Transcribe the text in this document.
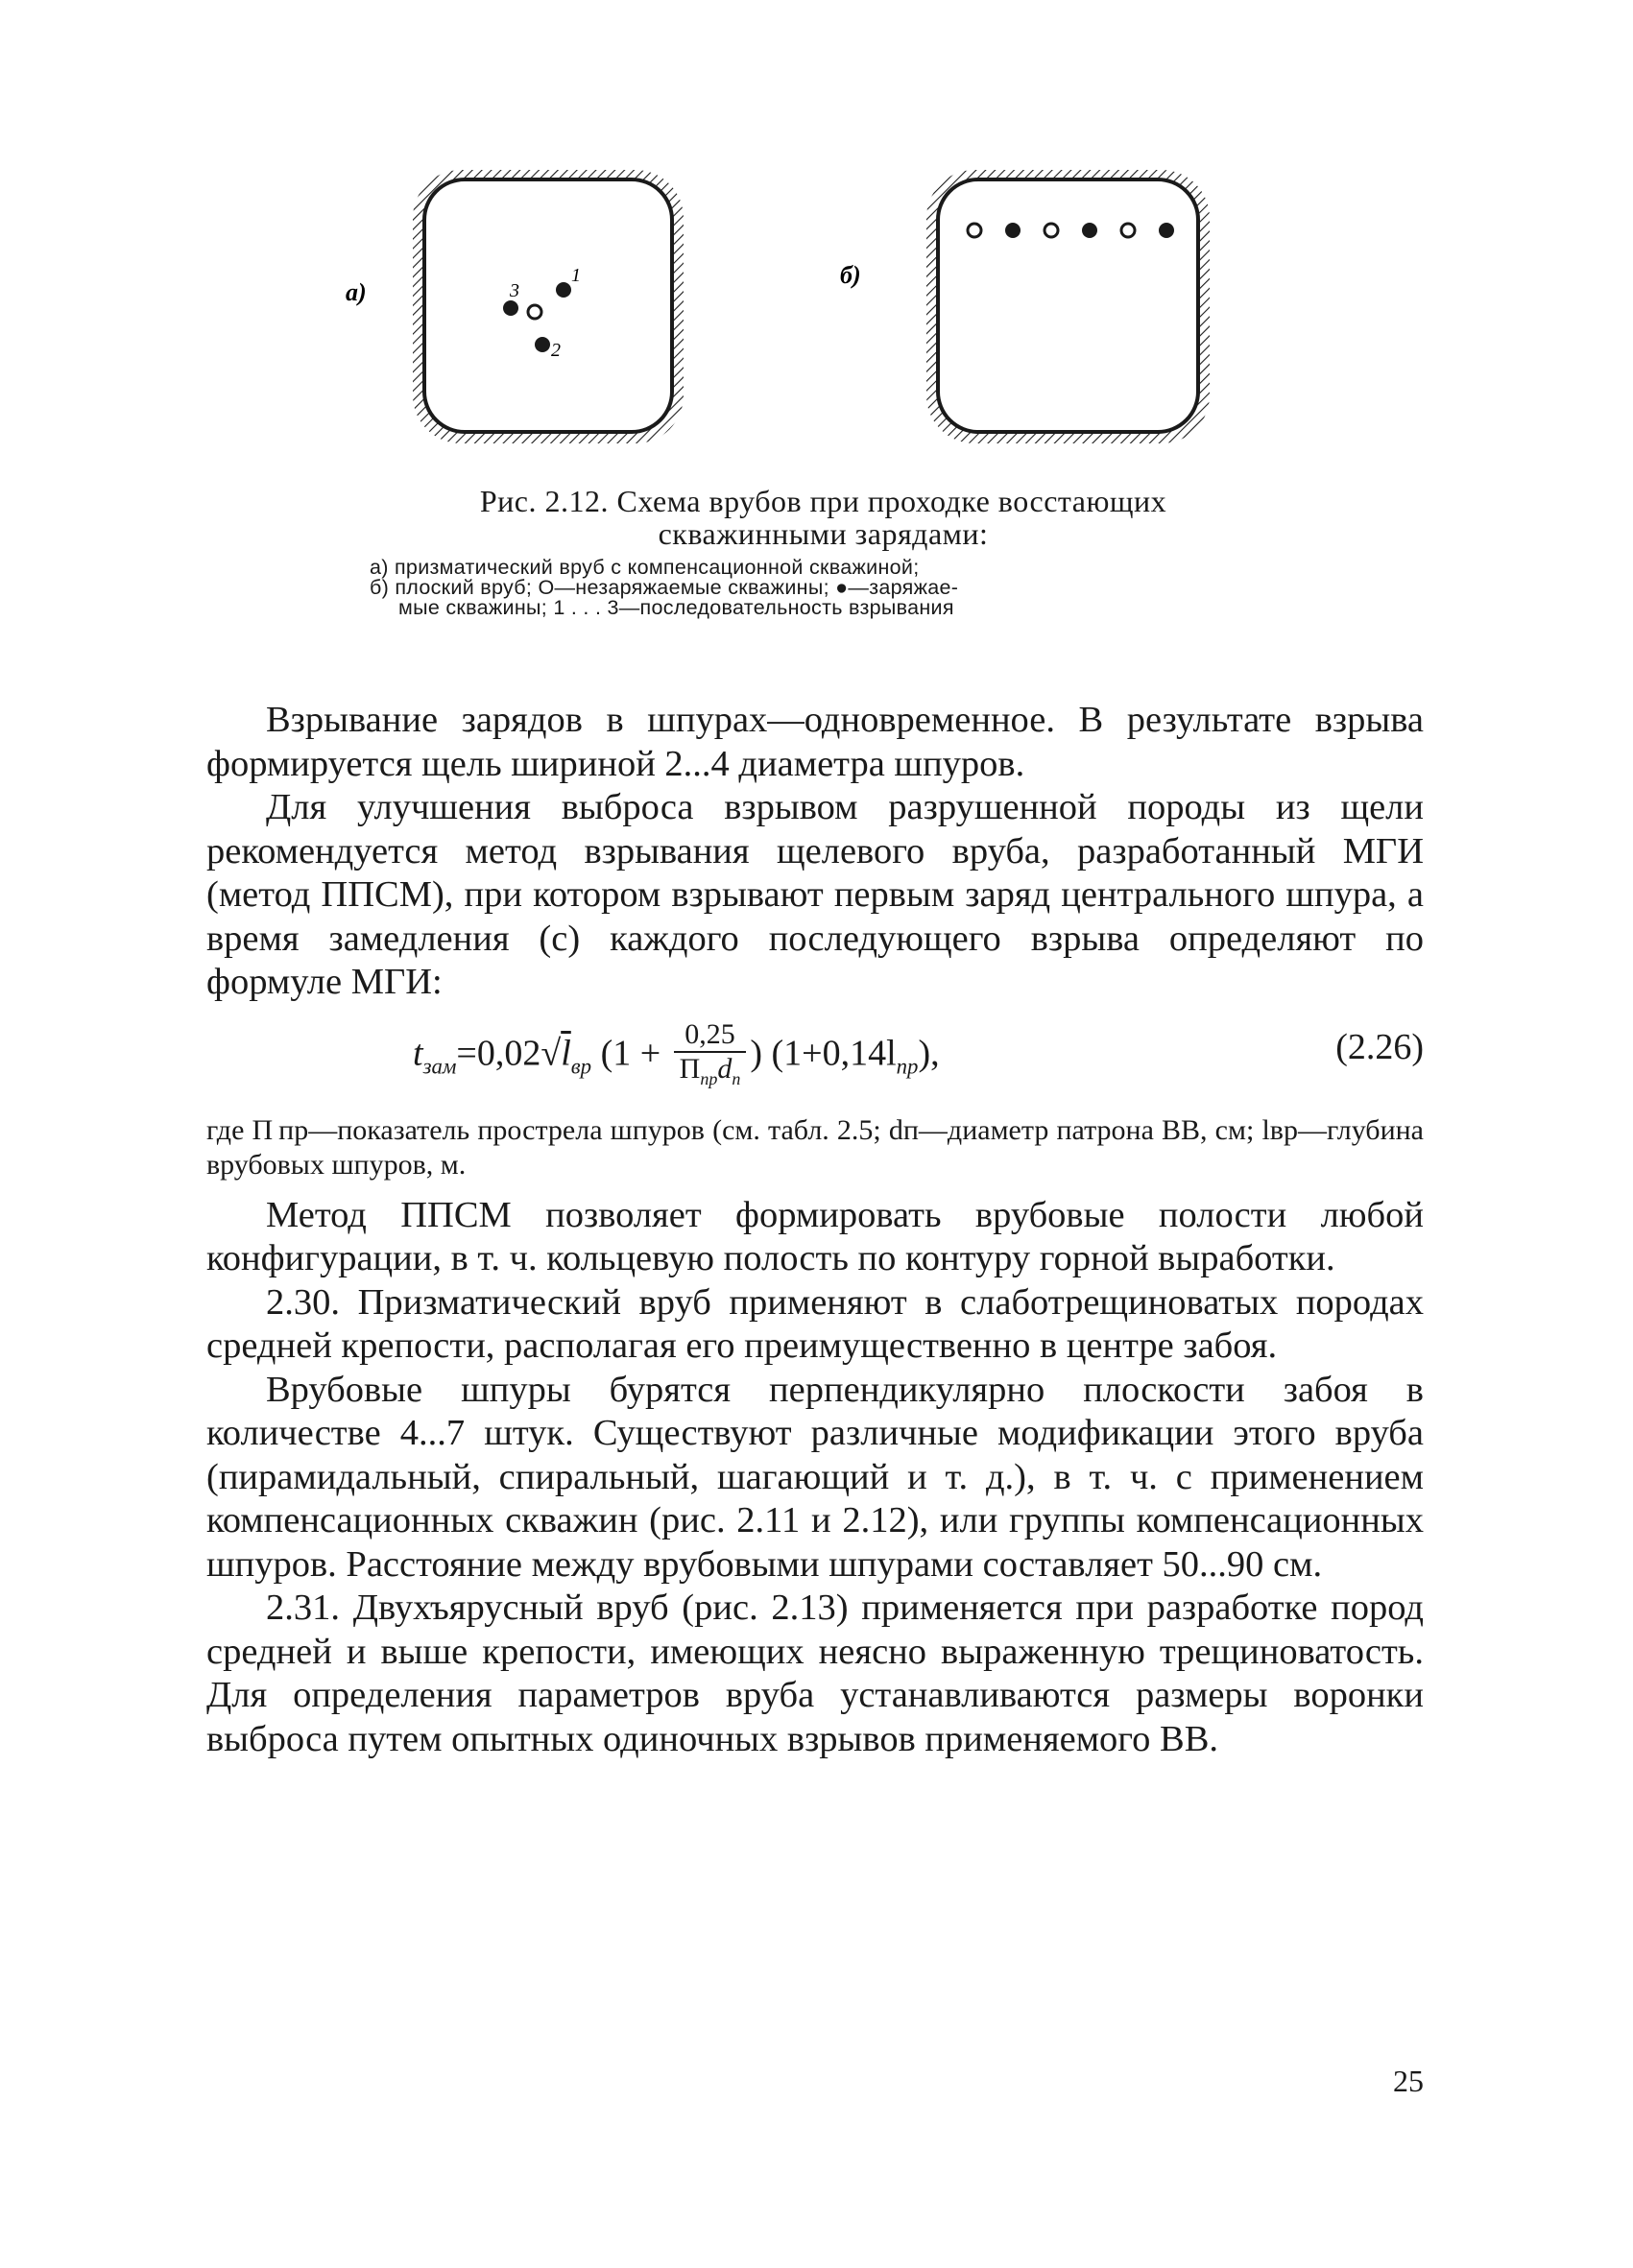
а)
б)
1
2
3
Рис. 2.12. Схема врубов при проходке восстающих
скважинными зарядами:
а) призматический вруб с компенсационной скважиной;
б) плоский вруб; О—незаряжаемые скважины; ●—заряжае-
мые скважины; 1 . . . 3—последовательность взрывания

Взрывание зарядов в шпурах—одновременное. В результате взрыва формируется щель шириной 2...4 диаметра шпуров.

Для улучшения выброса взрывом разрушенной породы из щели рекомендуется метод взрывания щелевого вруба, разработанный МГИ (метод ППСМ), при котором взрывают первым заряд центрального шпура, а время замедления (с) каждого последующего взрыва определяют по формуле МГИ:

$t_{зам}=0,02√l_{вр}$ ($1 + \frac{0,25}{П_{пр}d_п}$ ) $(1+0,14l_{пр})$,	(2.26)

где П пр—показатель прострела шпуров (см. табл. 2.5; dп—диаметр патрона ВВ, см; lвр—глубина врубовых шпуров, м.

Метод ППСМ позволяет формировать врубовые полости любой конфигурации, в т. ч. кольцевую полость по контуру горной выработки.

2.30. Призматический вруб применяют в слаботрещиноватых породах средней крепости, располагая его преимущественно в центре забоя.

Врубовые шпуры бурятся перпендикулярно плоскости забоя в количестве 4...7 штук. Существуют различные модификации этого вруба (пирамидальный, спиральный, шагающий и т. д.), в т. ч. с применением компенсационных скважин (рис. 2.11 и 2.12), или группы компенсационных шпуров. Расстояние между врубовыми шпурами составляет 50...90 см.

2.31. Двухъярусный вруб (рис. 2.13) применяется при разработке пород средней и выше крепости, имеющих неясно выраженную трещиноватость. Для определения параметров вруба устанавливаются размеры воронки выброса путем опытных одиночных взрывов применяемого ВВ.

25
